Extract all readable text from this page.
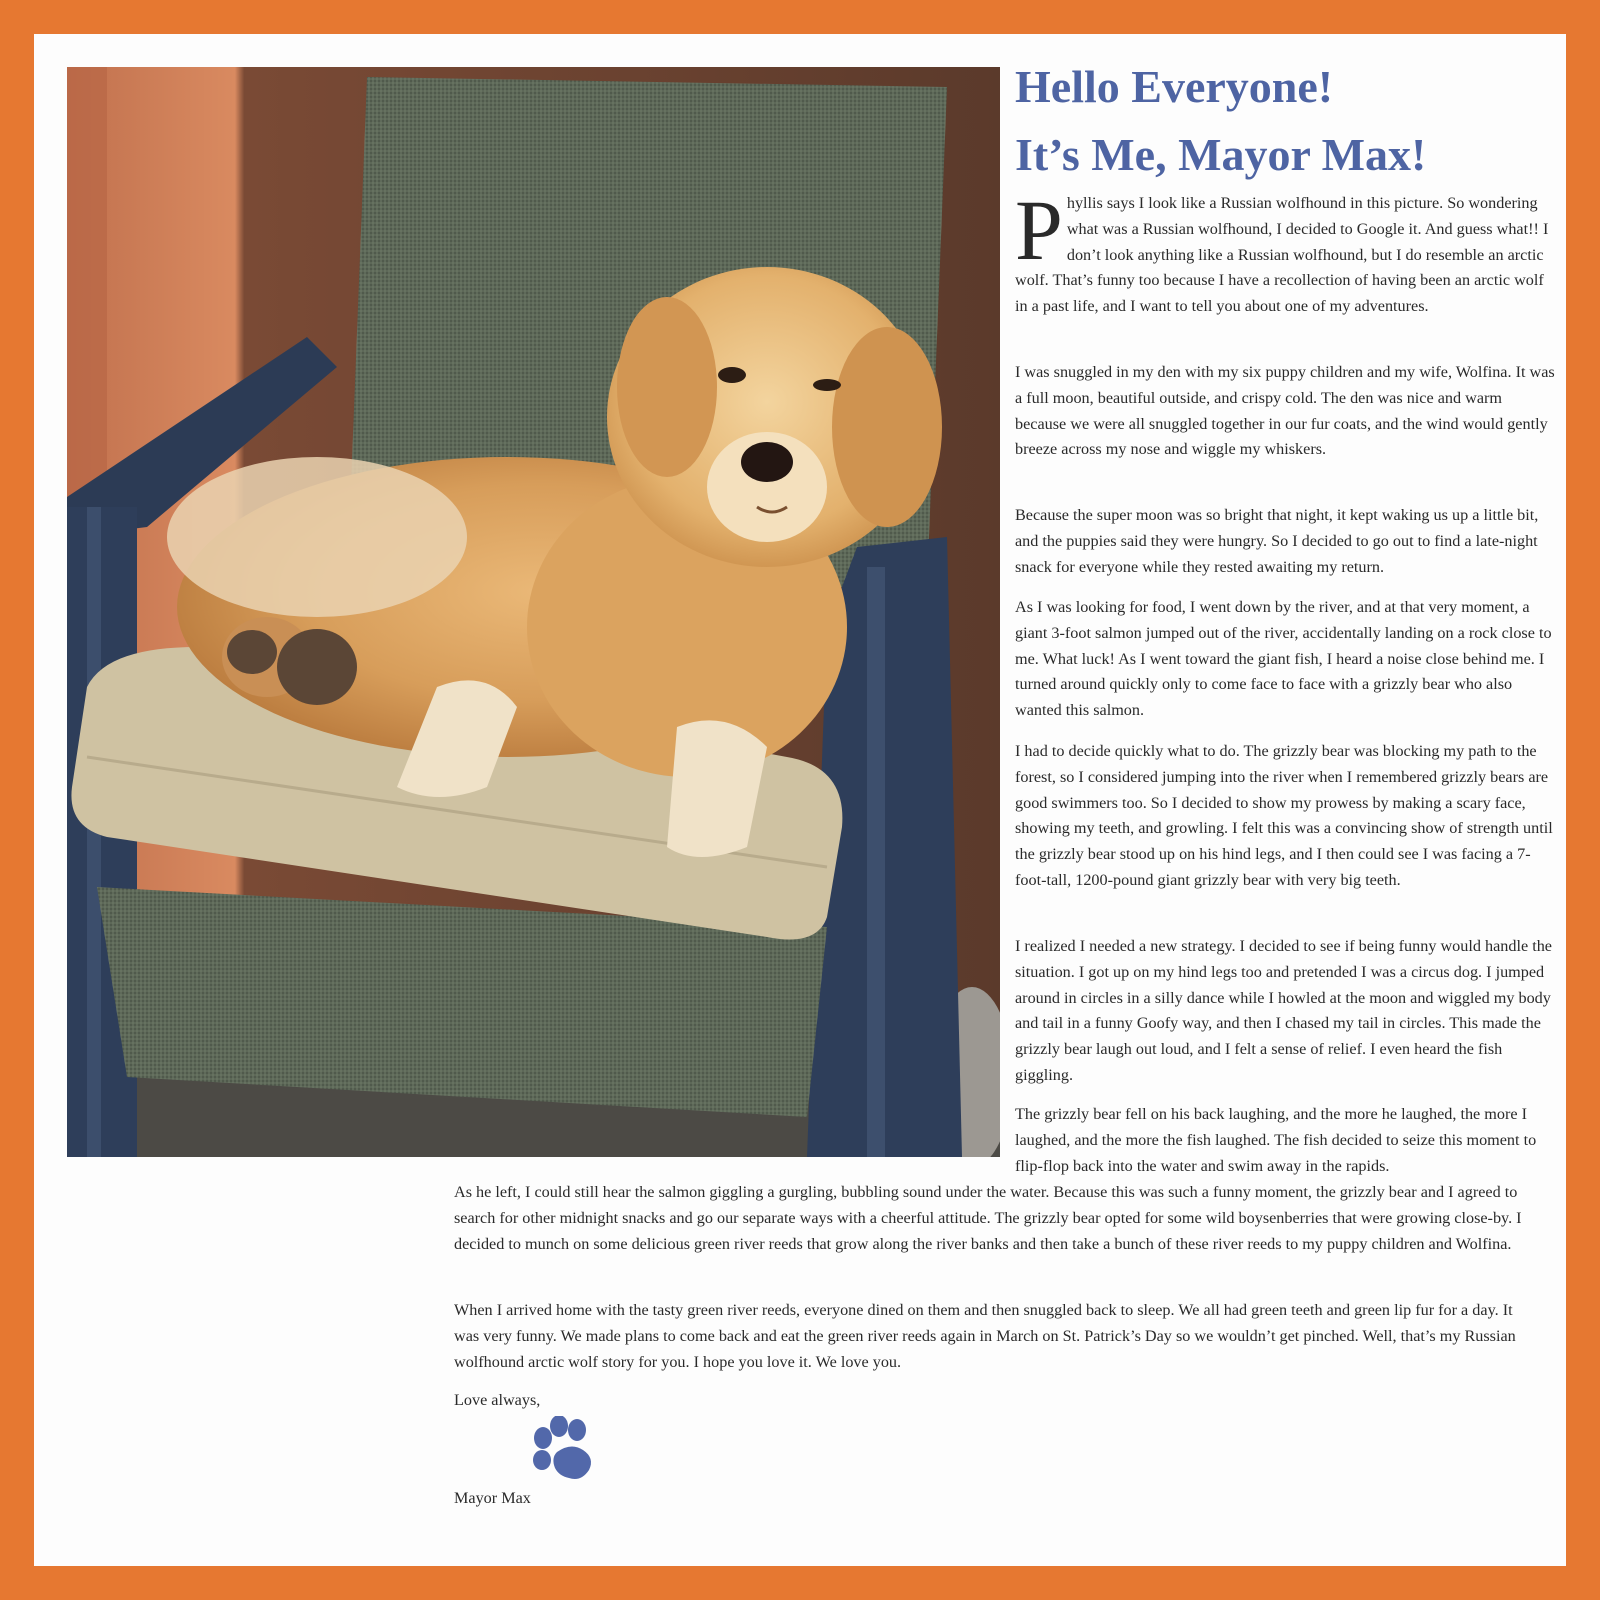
Hello Everyone!
It’s Me, Mayor Max!

Phyllis says I look like a Russian wolfhound in this picture. So wondering what was a Russian wolfhound, I decided to Google it. And guess what!! I don’t look anything like a Russian wolfhound, but I do resemble an arctic wolf. That’s funny too because I have a recollection of having been an arctic wolf in a past life, and I want to tell you about one of my adventures.

I was snuggled in my den with my six puppy children and my wife, Wolfina. It was a full moon, beautiful outside, and crispy cold. The den was nice and warm because we were all snuggled together in our fur coats, and the wind would gently breeze across my nose and wiggle my whiskers.

Because the super moon was so bright that night, it kept waking us up a little bit, and the puppies said they were hungry. So I decided to go out to find a late-night snack for everyone while they rested awaiting my return.

As I was looking for food, I went down by the river, and at that very moment, a giant 3-foot salmon jumped out of the river, accidentally landing on a rock close to me. What luck! As I went toward the giant fish, I heard a noise close behind me. I turned around quickly only to come face to face with a grizzly bear who also wanted this salmon.

I had to decide quickly what to do. The grizzly bear was blocking my path to the forest, so I considered jumping into the river when I remembered grizzly bears are good swimmers too. So I decided to show my prowess by making a scary face, showing my teeth, and growling. I felt this was a convincing show of strength until the grizzly bear stood up on his hind legs, and I then could see I was facing a 7-foot-tall, 1200-pound giant grizzly bear with very big teeth.

I realized I needed a new strategy. I decided to see if being funny would handle the situation. I got up on my hind legs too and pretended I was a circus dog. I jumped around in circles in a silly dance while I howled at the moon and wiggled my body and tail in a funny Goofy way, and then I chased my tail in circles. This made the grizzly bear laugh out loud, and I felt a sense of relief. I even heard the fish giggling.

The grizzly bear fell on his back laughing, and the more he laughed, the more I laughed, and the more the fish laughed. The fish decided to seize this moment to flip-flop back into the water and swim away in the rapids.

As he left, I could still hear the salmon giggling a gurgling, bubbling sound under the water. Because this was such a funny moment, the grizzly bear and I agreed to search for other midnight snacks and go our separate ways with a cheerful attitude. The grizzly bear opted for some wild boysenberries that were growing close-by. I decided to munch on some delicious green river reeds that grow along the river banks and then take a bunch of these river reeds to my puppy children and Wolfina.

When I arrived home with the tasty green river reeds, everyone dined on them and then snuggled back to sleep. We all had green teeth and green lip fur for a day. It was very funny. We made plans to come back and eat the green river reeds again in March on St. Patrick’s Day so we wouldn’t get pinched. Well, that’s my Russian wolfhound arctic wolf story for you. I hope you love it. We love you.

Love always,
Mayor Max
